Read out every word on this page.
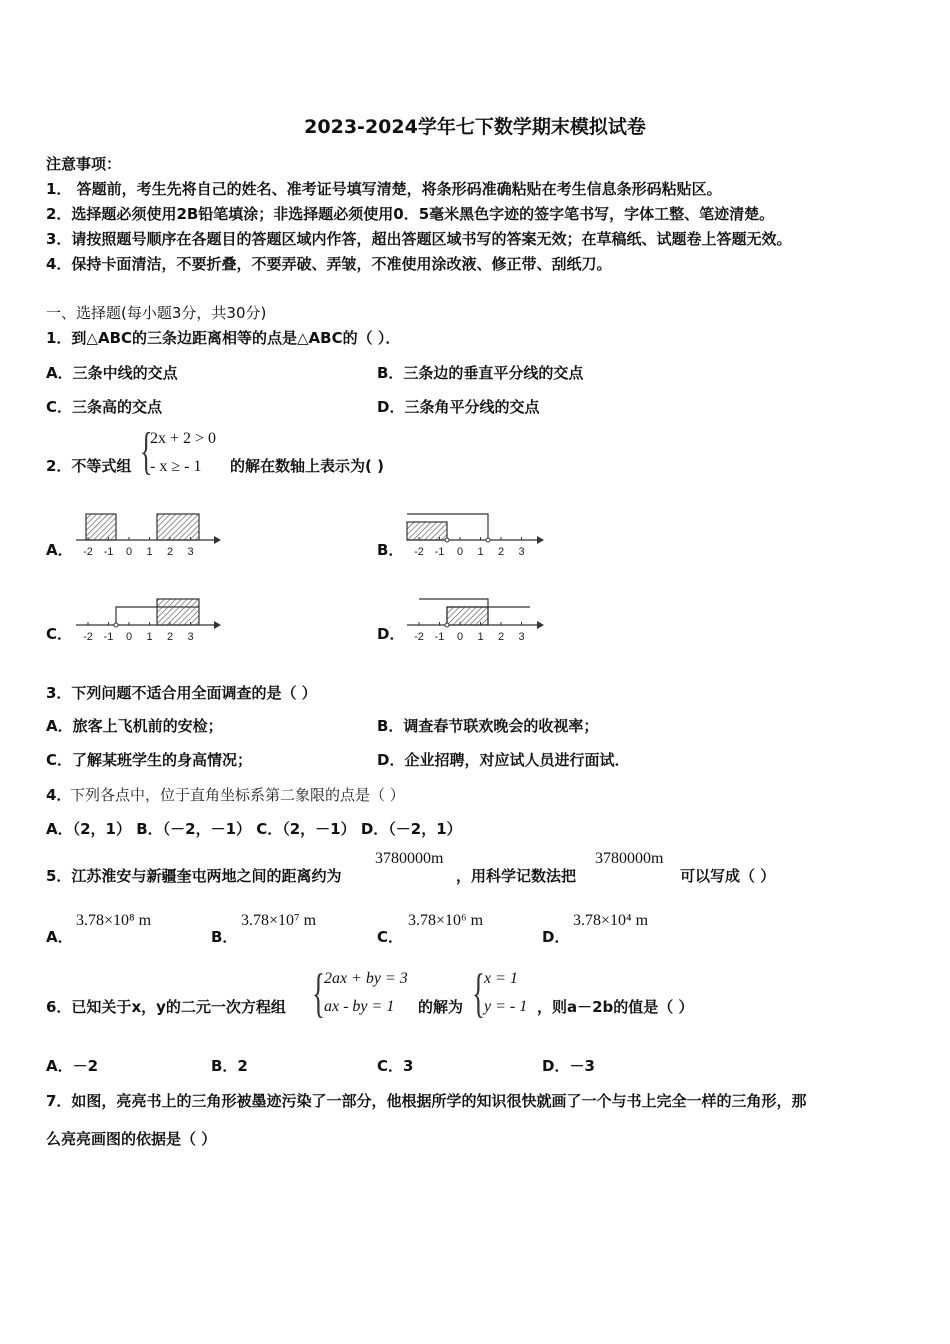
2023-2024学年七下数学期末模拟试卷
注意事项：
1． 答题前，考生先将自己的姓名、准考证号填写清楚，将条形码准确粘贴在考生信息条形码粘贴区。
2．选择题必须使用2B铅笔填涂；非选择题必须使用0．5毫米黑色字迹的签字笔书写，字体工整、笔迹清楚。
3．请按照题号顺序在各题目的答题区域内作答，超出答题区域书写的答案无效；在草稿纸、试题卷上答题无效。
4．保持卡面清洁，不要折叠，不要弄破、弄皱，不准使用涂改液、修正带、刮纸刀。
一、选择题(每小题3分，共30分)
1．到△ABC的三条边距离相等的点是△ABC的（ ）．
A．三条中线的交点	B．三条边的垂直平分线的交点
C．三条高的交点	D．三条角平分线的交点
2．不等式组 {
2x + 2 > 0
- x ≥ - 1 的解在数轴上表示为( )
A．	B．
C．	D．
-2 -1 0 1 2 3	-2 -1 0 1 2 3
-2 -1 0 1 2 3	-2 -1 0 1 2 3
3．下列问题不适合用全面调查的是（ ）
A．旅客上飞机前的安检；	B．调查春节联欢晚会的收视率；
C．了解某班学生的身高情况；	D．企业招聘，对应试人员进行面试．
4．
下列各点中，位于直角坐标系第二象限的点是（ ）
A．（2，1） B．（－2，－1） C．（2，－1） D．（－2，1）
5．江苏淮安与新疆奎屯两地之间的距离约为
3780000m
，用科学记数法把
3780000m
可以写成（ ）
A．
3.78×10⁸ m
B．
3.78×10⁷ m
C．
3.78×10⁶ m
D．
3.78×10⁴ m
6．已知关于x，y的二元一次方程组 { 2ax + by = 3
ax - by = 1 的解为 { x = 1
y = - 1 ，则a－2b的值是（ ）
A．－2	B．2	C．3	D．－3
7．如图，亮亮书上的三角形被墨迹污染了一部分，他根据所学的知识很快就画了一个与书上完全一样的三角形，那
么亮亮画图的依据是（ ）
